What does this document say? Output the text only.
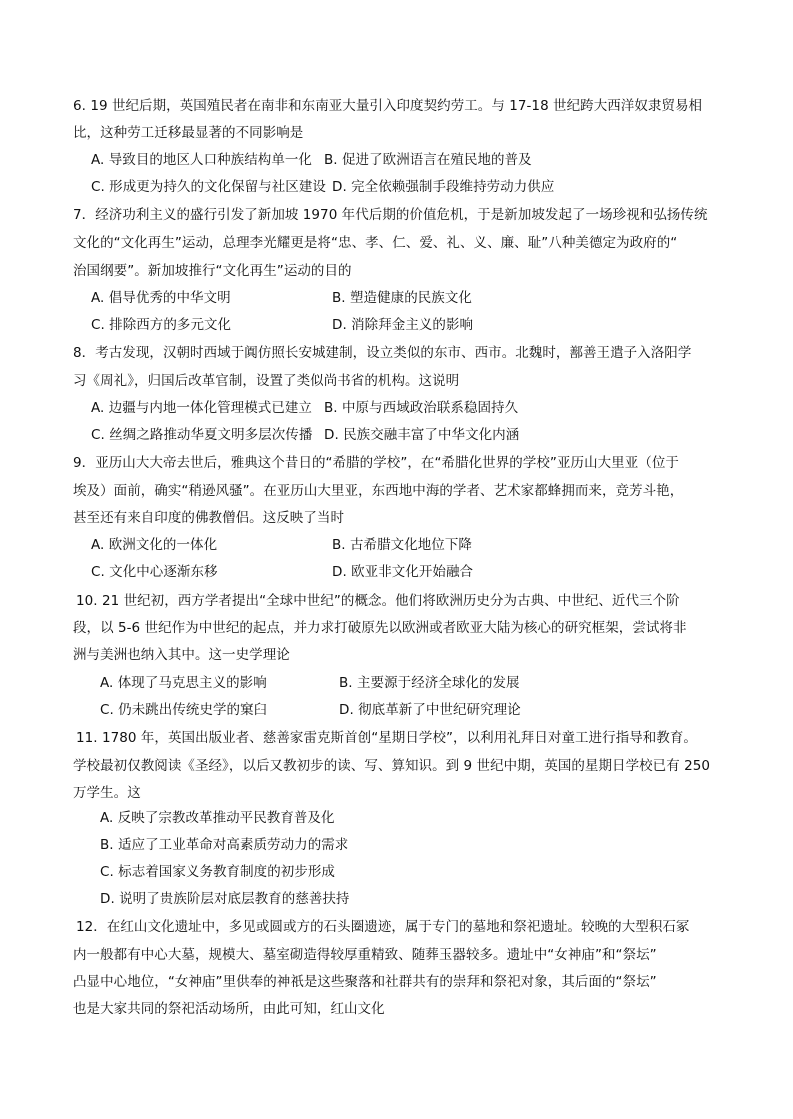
6. 19 世纪后期，英国殖民者在南非和东南亚大量引入印度契约劳工。与 17-18 世纪跨大西洋奴隶贸易相
比，这种劳工迁移最显著的不同影响是
A. 导致目的地区人口种族结构单一化 B. 促进了欧洲语言在殖民地的普及
C. 形成更为持久的文化保留与社区建设 D. 完全依赖强制手段维持劳动力供应
7．经济功利主义的盛行引发了新加坡 1970 年代后期的价值危机，于是新加坡发起了一场珍视和弘扬传统
文化的“文化再生”运动，总理李光耀更是将“忠、孝、仁、爱、礼、义、廉、耻”八种美德定为政府的“
治国纲要”。新加坡推行“文化再生”运动的目的
A. 倡导优秀的中华文明	B. 塑造健康的民族文化
C. 排除西方的多元文化	D. 消除拜金主义的影响
8．考古发现，汉朝时西域于阗仿照长安城建制，设立类似的东市、西市。北魏时，鄯善王遣子入洛阳学
习《周礼》，归国后改革官制，设置了类似尚书省的机构。这说明
A. 边疆与内地一体化管理模式已建立 B. 中原与西域政治联系稳固持久
C. 丝绸之路推动华夏文明多层次传播 D. 民族交融丰富了中华文化内涵
9．亚历山大大帝去世后，雅典这个昔日的“希腊的学校”，在“希腊化世界的学校”亚历山大里亚（位于
埃及）面前，确实“稍逊风骚”。在亚历山大里亚，东西地中海的学者、艺术家都蜂拥而来，竞芳斗艳，
甚至还有来自印度的佛教僧侣。这反映了当时
A. 欧洲文化的一体化	B. 古希腊文化地位下降
C. 文化中心逐渐东移	D. 欧亚非文化开始融合
10. 21 世纪初，西方学者提出“全球中世纪”的概念。他们将欧洲历史分为古典、中世纪、近代三个阶
段，以 5-6 世纪作为中世纪的起点，并力求打破原先以欧洲或者欧亚大陆为核心的研究框架，尝试将非
洲与美洲也纳入其中。这一史学理论
A. 体现了马克思主义的影响	B. 主要源于经济全球化的发展
C. 仍未跳出传统史学的窠臼	D. 彻底革新了中世纪研究理论
11. 1780 年，英国出版业者、慈善家雷克斯首创“星期日学校”，以利用礼拜日对童工进行指导和教育。
学校最初仅教阅读《圣经》，以后又教初步的读、写、算知识。到 9 世纪中期，英国的星期日学校已有 250
万学生。这
A. 反映了宗教改革推动平民教育普及化
B. 适应了工业革命对高素质劳动力的需求
C. 标志着国家义务教育制度的初步形成
D. 说明了贵族阶层对底层教育的慈善扶持
12．在红山文化遗址中，多见或圆或方的石头圈遗迹，属于专门的墓地和祭祀遗址。较晚的大型积石冢
内一般都有中心大墓，规模大、墓室砌造得较厚重精致、随葬玉器较多。遗址中“女神庙”和“祭坛”
凸显中心地位，“女神庙”里供奉的神祇是这些聚落和社群共有的崇拜和祭祀对象，其后面的“祭坛”
也是大家共同的祭祀活动场所，由此可知，红山文化
